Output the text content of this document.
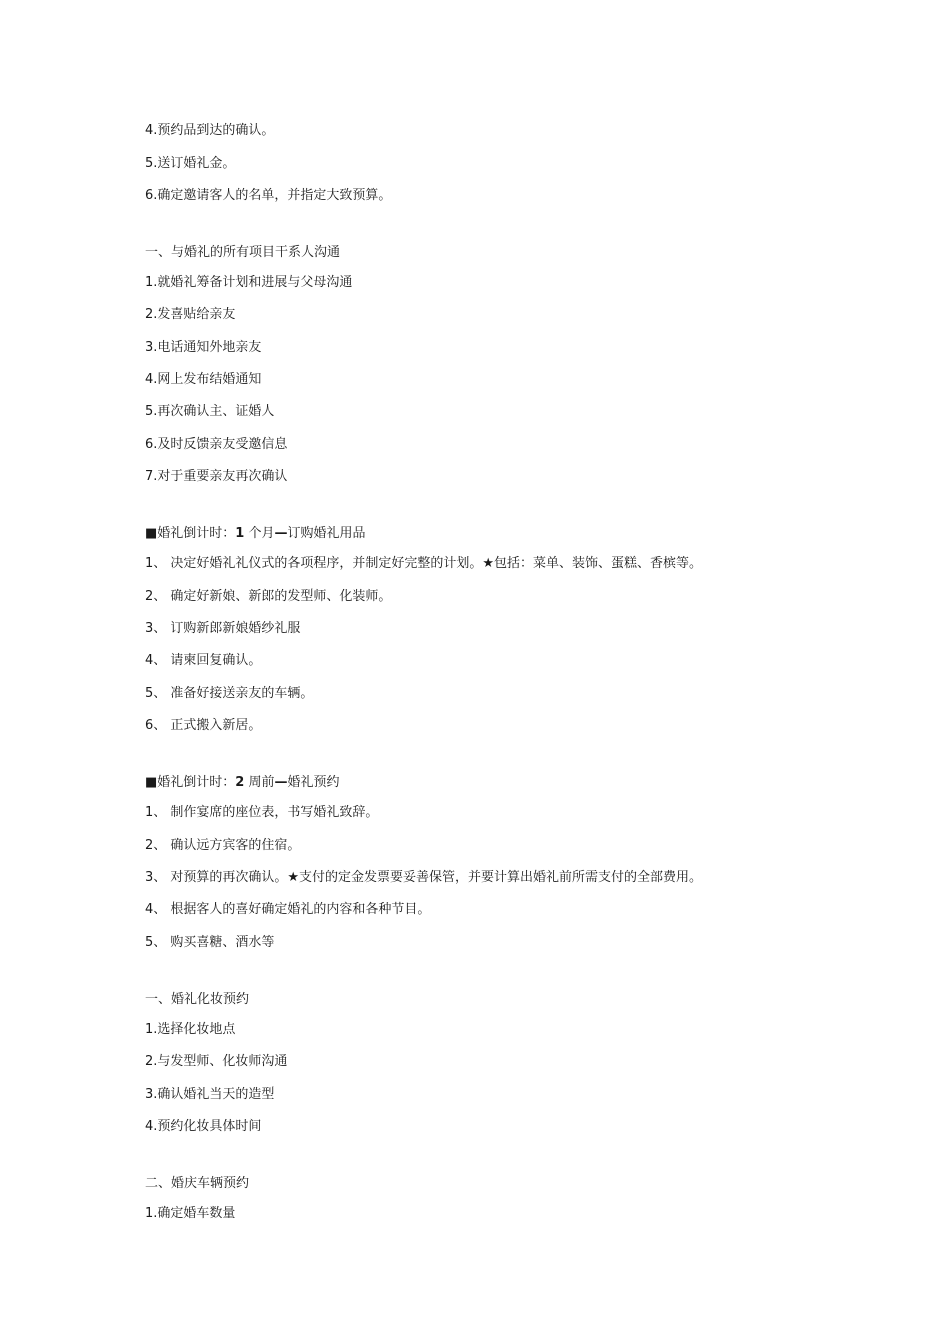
4.预约品到达的确认。
5.送订婚礼金。
6.确定邀请客人的名单，并指定大致预算。
一、与婚礼的所有项目干系人沟通
1.就婚礼筹备计划和进展与父母沟通
2.发喜贴给亲友
3.电话通知外地亲友
4.网上发布结婚通知
5.再次确认主、证婚人
6.及时反馈亲友受邀信息
7.对于重要亲友再次确认
■婚礼倒计时：1 个月—订购婚礼用品
1、 决定好婚礼礼仪式的各项程序，并制定好完整的计划。★包括：菜单、装饰、蛋糕、香槟等。
2、 确定好新娘、新郎的发型师、化装师。
3、 订购新郎新娘婚纱礼服
4、 请柬回复确认。
5、 准备好接送亲友的车辆。
6、 正式搬入新居。
■婚礼倒计时：2 周前—婚礼预约
1、 制作宴席的座位表，书写婚礼致辞。
2、 确认远方宾客的住宿。
3、 对预算的再次确认。★支付的定金发票要妥善保管，并要计算出婚礼前所需支付的全部费用。
4、 根据客人的喜好确定婚礼的内容和各种节目。
5、 购买喜糖、酒水等
一、婚礼化妆预约
1.选择化妆地点
2.与发型师、化妆师沟通
3.确认婚礼当天的造型
4.预约化妆具体时间
二、婚庆车辆预约
1.确定婚车数量
